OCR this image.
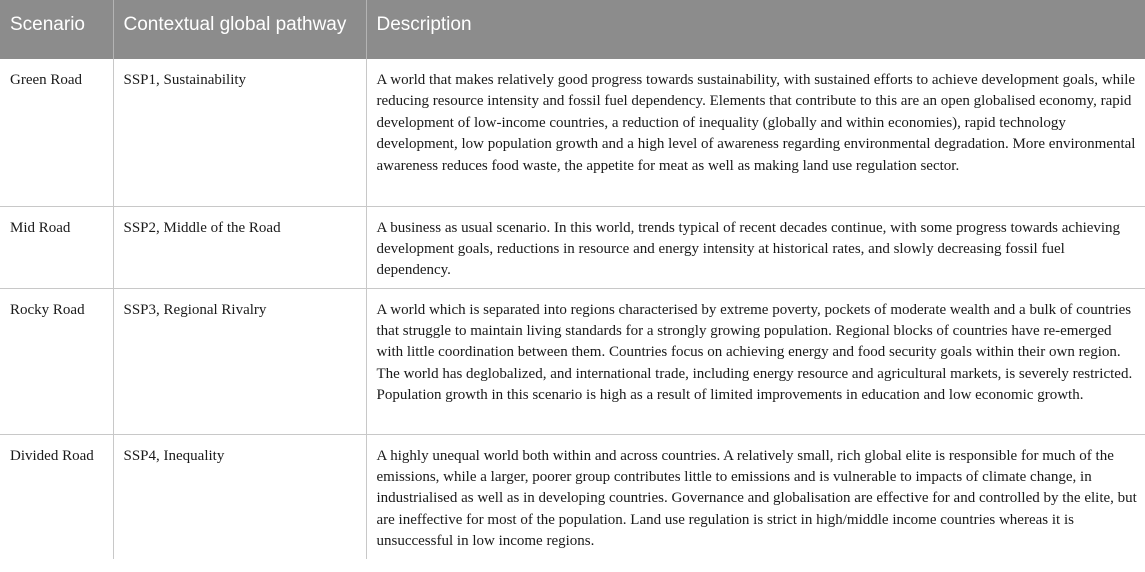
Scenario	Contextual global pathway	Description
Green Road	SSP1, Sustainability	A world that makes relatively good progress towards sustainability, with sustained efforts to achieve development goals, while reducing resource intensity and fossil fuel dependency. Elements that contribute to this are an open globalised economy, rapid development of low-income countries, a reduction of inequality (globally and within economies), rapid technology development, low population growth and a high level of awareness regarding environmental degradation. More environmental awareness reduces food waste, the appetite for meat as well as making land use regulation sector.
Mid Road	SSP2, Middle of the Road	A business as usual scenario. In this world, trends typical of recent decades continue, with some progress towards achieving development goals, reductions in resource and energy intensity at historical rates, and slowly decreasing fossil fuel dependency.
Rocky Road	SSP3, Regional Rivalry	A world which is separated into regions characterised by extreme poverty, pockets of moderate wealth and a bulk of countries that struggle to maintain living standards for a strongly growing population. Regional blocks of countries have re-emerged with little coordination between them. Countries focus on achieving energy and food security goals within their own region. The world has deglobalized, and international trade, including energy resource and agricultural markets, is severely restricted. Population growth in this scenario is high as a result of limited improvements in education and low economic growth.
Divided Road	SSP4, Inequality	A highly unequal world both within and across countries. A relatively small, rich global elite is responsible for much of the emissions, while a larger, poorer group contributes little to emissions and is vulnerable to impacts of climate change, in industrialised as well as in developing countries. Governance and globalisation are effective for and controlled by the elite, but are ineffective for most of the population. Land use regulation is strict in high/middle income countries whereas it is unsuccessful in low income regions.
